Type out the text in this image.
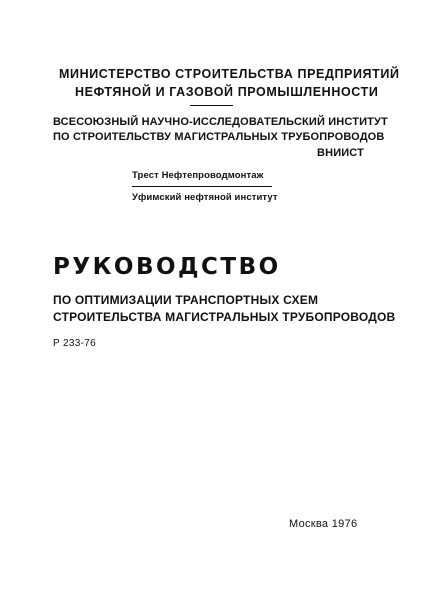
МИНИСТЕРСТВО СТРОИТЕЛЬСТВА ПРЕДПРИЯТИЙ
НЕФТЯНОЙ И ГАЗОВОЙ ПРОМЫШЛЕННОСТИ
ВСЕСОЮЗНЫЙ НАУЧНО-ИССЛЕДОВАТЕЛЬСКИЙ ИНСТИТУТ
ПО СТРОИТЕЛЬСТВУ МАГИСТРАЛЬНЫХ ТРУБОПРОВОДОВ
ВНИИСТ
Трест Нефтепроводмонтаж
Уфимский нефтяной институт
РУКОВОДСТВО
ПО ОПТИМИЗАЦИИ ТРАНСПОРТНЫХ СХЕМ
СТРОИТЕЛЬСТВА МАГИСТРАЛЬНЫХ ТРУБОПРОВОДОВ
Р 233-76
Москва 1976
